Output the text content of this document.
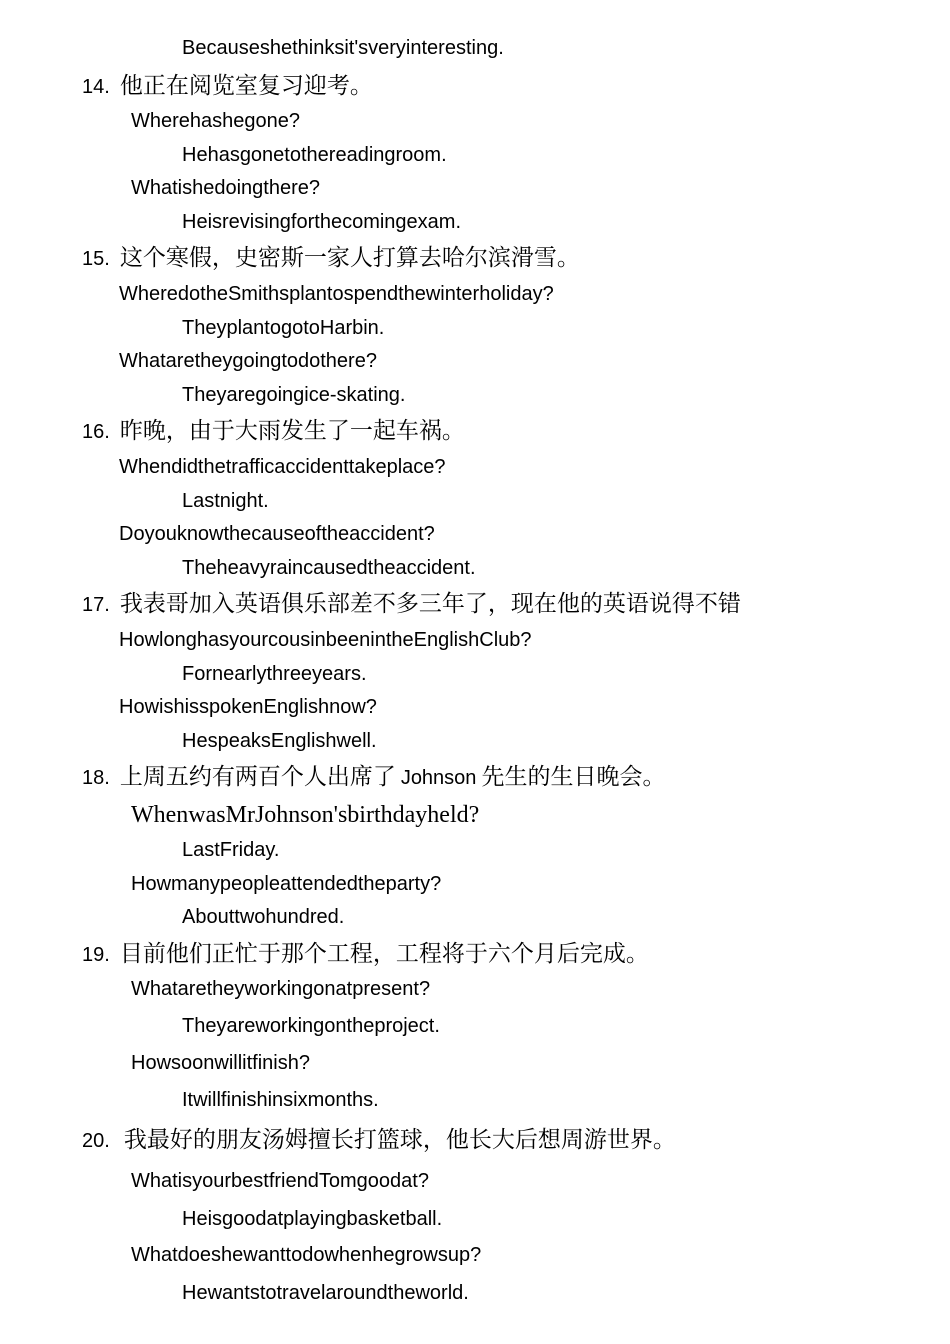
Becauseshethinksit'sveryinteresting.
14. 他正在阅览室复习迎考。
Wherehashegone?
Hehasgonetothereadingroom.
Whatishedoingthere?
Heisrevisingforthecomingexam.
15. 这个寒假，史密斯一家人打算去哈尔滨滑雪。
WheredotheSmithsplantospendthewinterholiday?
TheyplantogotoHarbin.
Whataretheygoingtodothere?
Theyaregoingice-skating.
16. 昨晚，由于大雨发生了一起车祸。
Whendidthetrafficaccidenttakeplace?
Lastnight.
Doyouknowthecauseoftheaccident?
Theheavyraincausedtheaccident.
17. 我表哥加入英语俱乐部差不多三年了，现在他的英语说得不错
HowlonghasyourcousinbeenintheEnglishClub?
Fornearlythreeyears.
HowishisspokenEnglishnow?
HespeaksEnglishwell.
18. 上周五约有两百个人出席了 Johnson 先生的生日晚会。
WhenwasMrJohnson'sbirthdayheld?
LastFriday.
Howmanypeopleattendedtheparty?
Abouttwohundred.
19. 目前他们正忙于那个工程，工程将于六个月后完成。
Whataretheyworkingonatpresent?
Theyareworkingontheproject.
Howsoonwillitfinish?
Itwillfinishinsixmonths.
20. 我最好的朋友汤姆擅长打篮球，他长大后想周游世界。
WhatisyourbestfriendTomgoodat?
Heisgoodatplayingbasketball.
Whatdoeshewanttodowhenhegrowsup?
Hewantstotravelaroundtheworld.
